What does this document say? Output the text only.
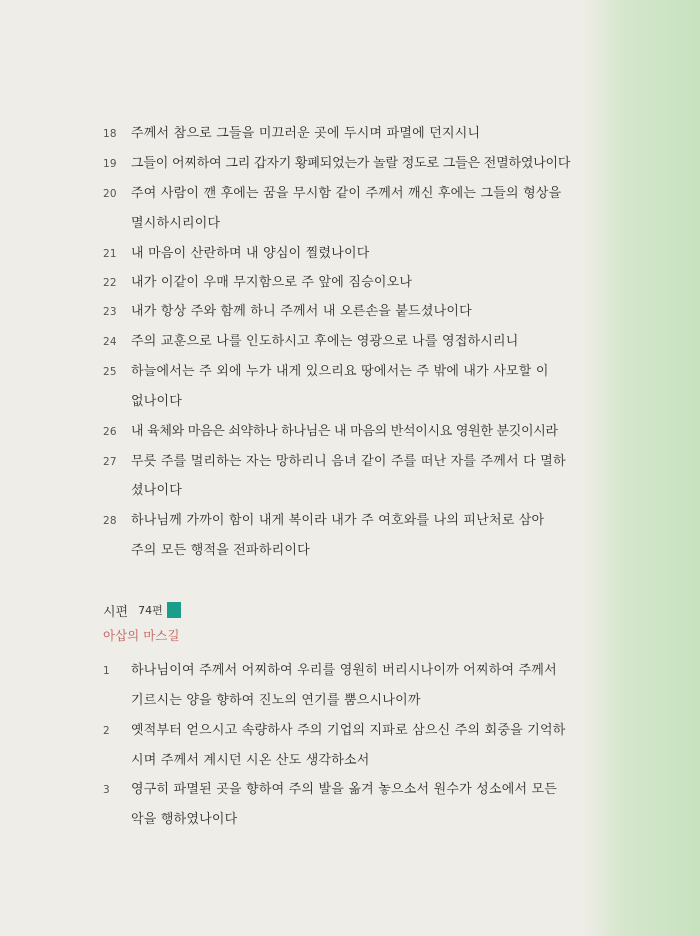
18	주께서 참으로 그들을 미끄러운 곳에 두시며 파멸에 던지시니
19	그들이 어찌하여 그리 갑자기 황폐되었는가 놀랄 정도로 그들은 전멸하였나이다
20	주여 사람이 깬 후에는 꿈을 무시함 같이 주께서 깨신 후에는 그들의 형상을
멸시하시리이다
21	내 마음이 산란하며 내 양심이 찔렸나이다
22	내가 이같이 우매 무지함으로 주 앞에 짐승이오나
23	내가 항상 주와 함께 하니 주께서 내 오른손을 붙드셨나이다
24	주의 교훈으로 나를 인도하시고 후에는 영광으로 나를 영접하시리니
25	하늘에서는 주 외에 누가 내게 있으리요 땅에서는 주 밖에 내가 사모할 이
없나이다
26	내 육체와 마음은 쇠약하나 하나님은 내 마음의 반석이시요 영원한 분깃이시라
27	무릇 주를 멀리하는 자는 망하리니 음녀 같이 주를 떠난 자를 주께서 다 멸하
셨나이다
28	하나님께 가까이 함이 내게 복이라 내가 주 여호와를 나의 피난처로 삼아
주의 모든 행적을 전파하리이다
시편 74편
아삽의 마스길
1	하나님이여 주께서 어찌하여 우리를 영원히 버리시나이까 어찌하여 주께서
기르시는 양을 향하여 진노의 연기를 뿜으시나이까
2	옛적부터 얻으시고 속량하사 주의 기업의 지파로 삼으신 주의 회중을 기억하
시며 주께서 계시던 시온 산도 생각하소서
3	영구히 파멸된 곳을 향하여 주의 발을 옮겨 놓으소서 원수가 성소에서 모든
악을 행하였나이다
